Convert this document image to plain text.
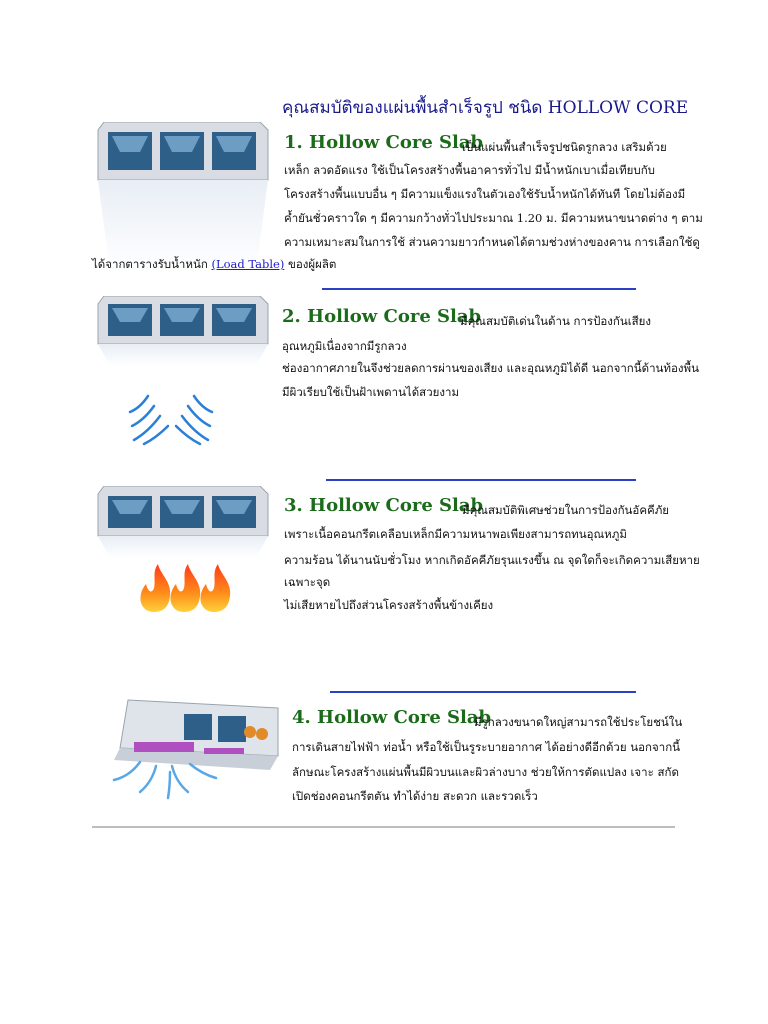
คุณสมบัติของแผ่นพื้นสำเร็จรูป ชนิด HOLLOW CORE
1. Hollow Core Slab
เป็นแผ่นพื้นสำเร็จรูปชนิดรูกลวง เสริมด้วย
เหล็ก ลวดอัดแรง ใช้เป็นโครงสร้างพื้นอาคารทั่วไป มีน้ำหนักเบาเมื่อเทียบกับ
โครงสร้างพื้นแบบอื่น ๆ มีความแข็งแรงในตัวเองใช้รับน้ำหนักได้ทันที โดยไม่ต้องมี
ค้ำยันชั่วคราวใด ๆ มีความกว้างทั่วไปประมาณ 1.20 ม. มีความหนาขนาดต่าง ๆ ตาม
ความเหมาะสมในการใช้ ส่วนความยาวกำหนดได้ตามช่วงห่างของคาน การเลือกใช้ดู
ได้จากตารางรับน้ำหนัก (Load Table) ของผู้ผลิต
2. Hollow Core Slab
มีคุณสมบัติเด่นในด้าน การป้องกันเสียง
อุณหภูมิเนื่องจากมีรูกลวง
ช่องอากาศภายในจึงช่วยลดการผ่านของเสียง และอุณหภูมิได้ดี นอกจากนี้ด้านท้องพื้น
มีผิวเรียบใช้เป็นฝ้าเพดานได้สวยงาม
3. Hollow Core Slab
มีคุณสมบัติพิเศษช่วยในการป้องกันอัคคีภัย
เพราะเนื้อคอนกรีตเคลือบเหล็กมีความหนาพอเพียงสามารถทนอุณหภูมิ
ความร้อน ได้นานนับชั่วโมง หากเกิดอัคคีภัยรุนแรงขึ้น ณ จุดใดก็จะเกิดความเสียหาย
เฉพาะจุด
ไม่เสียหายไปถึงส่วนโครงสร้างพื้นข้างเคียง
4. Hollow Core Slab
มีรูกลวงขนาดใหญ่สามารถใช้ประโยชน์ใน
การเดินสายไฟฟ้า ท่อน้ำ หรือใช้เป็นรูระบายอากาศ ได้อย่างดีอีกด้วย นอกจากนี้
ลักษณะโครงสร้างแผ่นพื้นมีผิวบนและผิวล่างบาง ช่วยให้การตัดแปลง เจาะ สกัด
เปิดช่องคอนกรีตตัน ทำได้ง่าย สะดวก และรวดเร็ว
